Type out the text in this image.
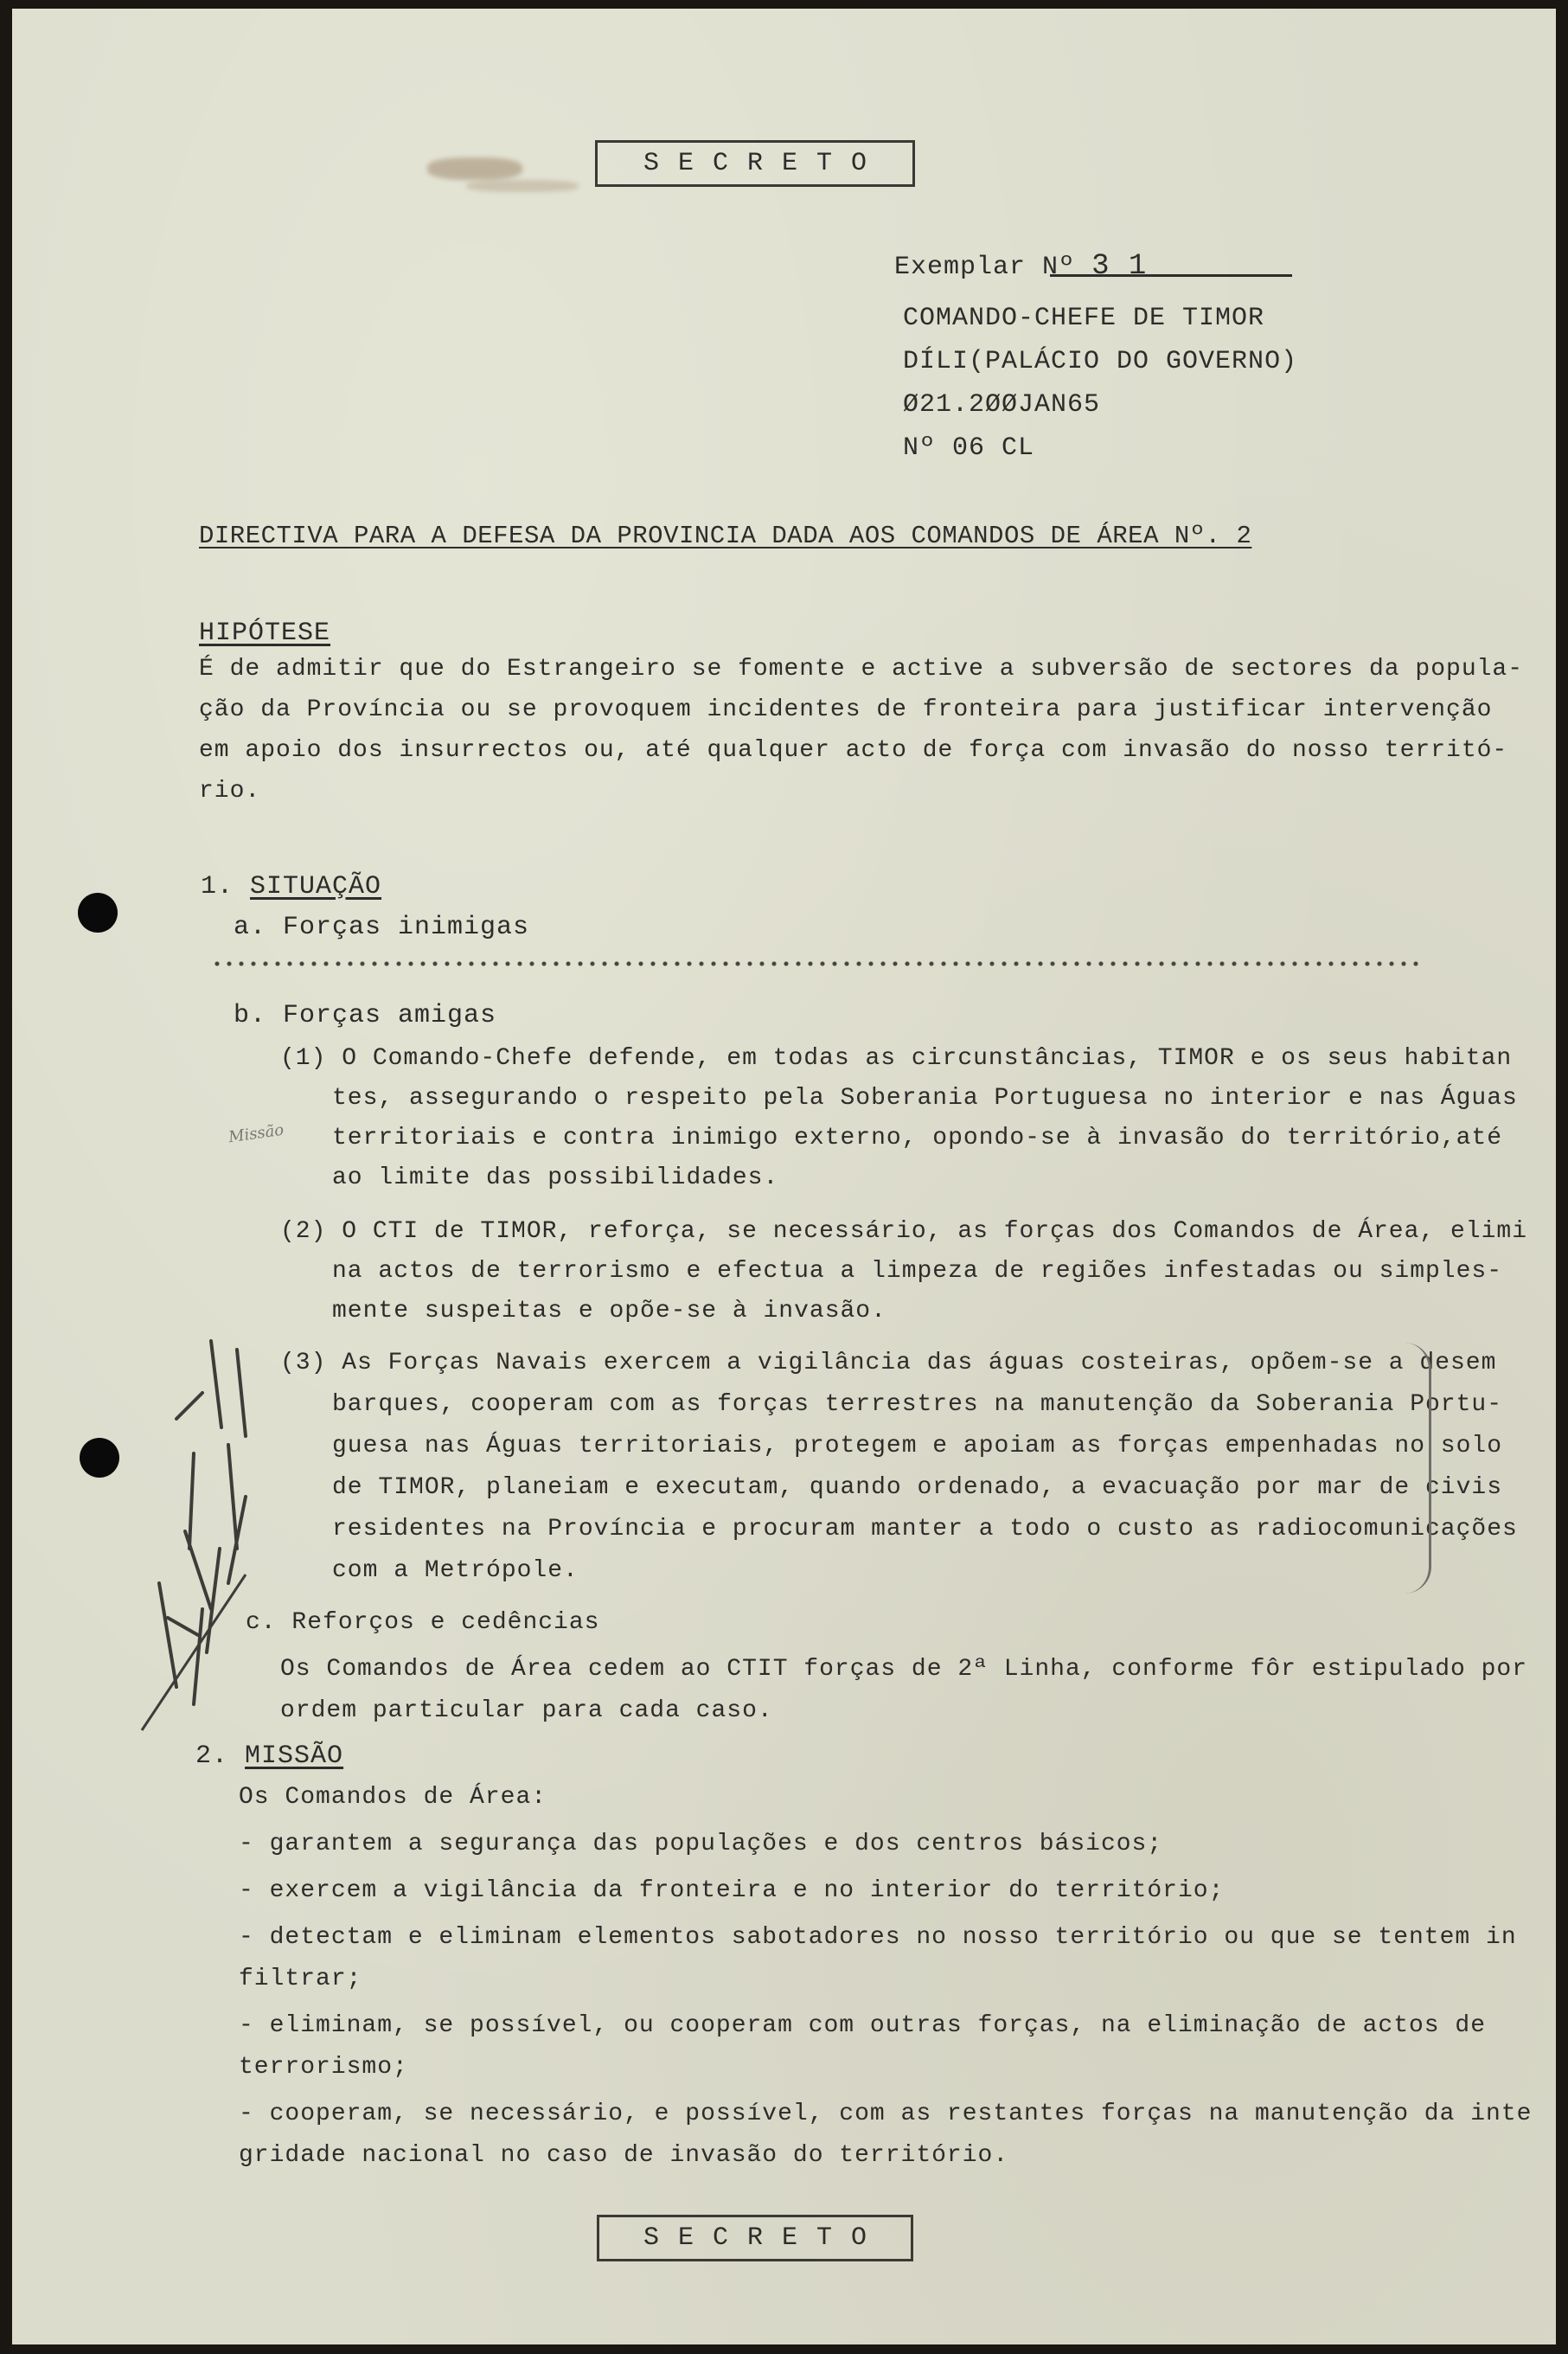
SECRETO
Exemplar Nº 3 1
COMANDO-CHEFE DE TIMOR
DÍLI(PALÁCIO DO GOVERNO)
Ø21.2ØØJAN65
Nº 06 CL
DIRECTIVA PARA A DEFESA DA PROVINCIA DADA AOS COMANDOS DE ÁREA Nº. 2
HIPÓTESE
É de admitir que do Estrangeiro se fomente e active a subversão de sectores da popula-
ção da Província ou se provoquem incidentes de fronteira para justificar intervenção
em apoio dos insurrectos ou, até qualquer acto de força com invasão do nosso territó-
rio.
1. SITUAÇÃO
a. Forças inimigas
b. Forças amigas
(1) O Comando-Chefe defende, em todas as circunstâncias, TIMOR e os seus habitan
tes, assegurando o respeito pela Soberania Portuguesa no interior e nas Águas
territoriais e contra inimigo externo, opondo-se à invasão do território,até
ao limite das possibilidades.
Missão
(2) O CTI de TIMOR, reforça, se necessário, as forças dos Comandos de Área, elimi
na actos de terrorismo e efectua a limpeza de regiões infestadas ou simples-
mente suspeitas e opõe-se à invasão.
(3) As Forças Navais exercem a vigilância das águas costeiras, opõem-se a desem
barques, cooperam com as forças terrestres na manutenção da Soberania Portu-
guesa nas Águas territoriais, protegem e apoiam as forças empenhadas no solo
de TIMOR, planeiam e executam, quando ordenado, a evacuação por mar de civis
residentes na Província e procuram manter a todo o custo as radiocomunicações
com a Metrópole.
c. Reforços e cedências
Os Comandos de Área cedem ao CTIT forças de 2ª Linha, conforme fôr estipulado por
ordem particular para cada caso.
2. MISSÃO
Os Comandos de Área:
- garantem a segurança das populações e dos centros básicos;
- exercem a vigilância da fronteira e no interior do território;
- detectam e eliminam elementos sabotadores no nosso território ou que se tentem in
filtrar;
- eliminam, se possível, ou cooperam com outras forças, na eliminação de actos de
terrorismo;
- cooperam, se necessário, e possível, com as restantes forças na manutenção da inte
gridade nacional no caso de invasão do território.
SECRETO
